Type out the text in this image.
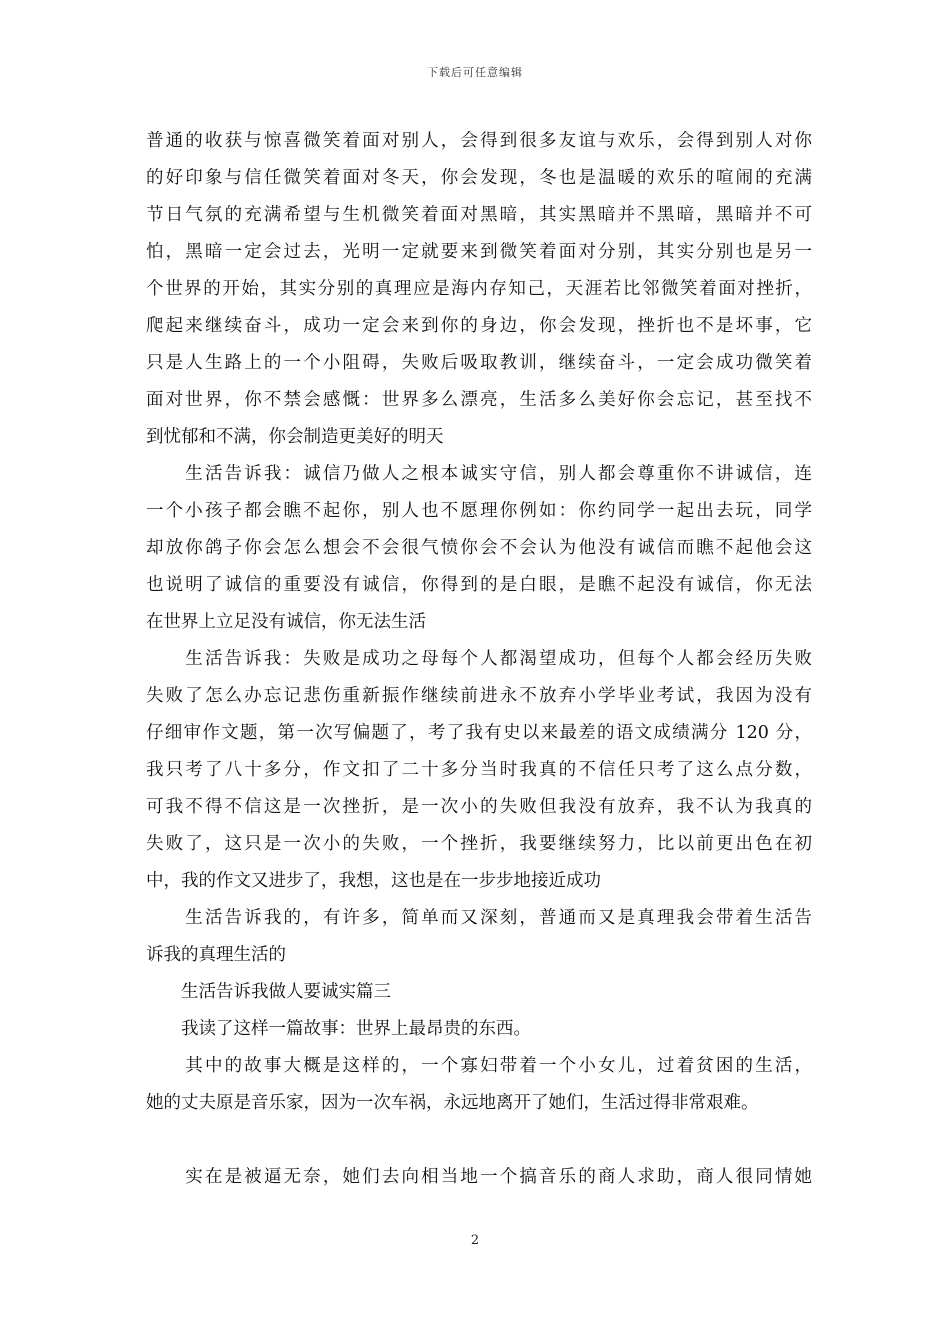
下载后可任意编辑
普通的收获与惊喜微笑着面对别人，会得到很多友谊与欢乐，会得到别人对你
的好印象与信任微笑着面对冬天，你会发现，冬也是温暖的欢乐的喧闹的充满
节日气氛的充满希望与生机微笑着面对黑暗，其实黑暗并不黑暗，黑暗并不可
怕，黑暗一定会过去，光明一定就要来到微笑着面对分别，其实分别也是另一
个世界的开始，其实分别的真理应是海内存知己，天涯若比邻微笑着面对挫折，
爬起来继续奋斗，成功一定会来到你的身边，你会发现，挫折也不是坏事，它
只是人生路上的一个小阻碍，失败后吸取教训，继续奋斗，一定会成功微笑着
面对世界，你不禁会感慨：世界多么漂亮，生活多么美好你会忘记，甚至找不
到忧郁和不满，你会制造更美好的明天
　　生活告诉我：诚信乃做人之根本诚实守信，别人都会尊重你不讲诚信，连
一个小孩子都会瞧不起你，别人也不愿理你例如：你约同学一起出去玩，同学
却放你鸽子你会怎么想会不会很气愤你会不会认为他没有诚信而瞧不起他会这
也说明了诚信的重要没有诚信，你得到的是白眼，是瞧不起没有诚信，你无法
在世界上立足没有诚信，你无法生活
　　生活告诉我：失败是成功之母每个人都渴望成功，但每个人都会经历失败
失败了怎么办忘记悲伤重新振作继续前进永不放弃小学毕业考试，我因为没有
仔细审作文题，第一次写偏题了，考了我有史以来最差的语文成绩满分 120 分，
我只考了八十多分，作文扣了二十多分当时我真的不信任只考了这么点分数，
可我不得不信这是一次挫折，是一次小的失败但我没有放弃，我不认为我真的
失败了，这只是一次小的失败，一个挫折，我要继续努力，比以前更出色在初
中，我的作文又进步了，我想，这也是在一步步地接近成功
　　生活告诉我的，有许多，简单而又深刻，普通而又是真理我会带着生活告
诉我的真理生活的
　　生活告诉我做人要诚实篇三
　　我读了这样一篇故事：世界上最昂贵的东西。
　　其中的故事大概是这样的，一个寡妇带着一个小女儿，过着贫困的生活，
她的丈夫原是音乐家，因为一次车祸，永远地离开了她们，生活过得非常艰难。
　　实在是被逼无奈，她们去向相当地一个搞音乐的商人求助，商人很同情她
2
